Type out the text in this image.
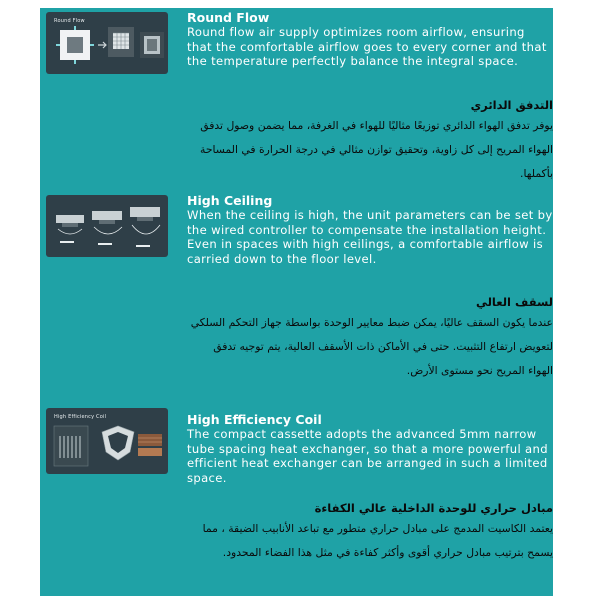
Round Flow	Round Flow

Round flow air supply optimizes room airflow, ensuring that the comfortable airflow goes to every corner and that the temperature perfectly balance the integral space.

التدفق الدائري

يوفر تدفق الهواء الدائري توزيعًا مثاليًا للهواء في الغرفة، مما يضمن وصول تدفق الهواء المريح إلى كل زاوية، وتحقيق توازن مثالي في درجة الحرارة في المساحة بأكملها.

High Ceiling

When the ceiling is high, the unit parameters can be set by the wired controller to compensate the installation height. Even in spaces with high ceilings, a comfortable airflow is carried down to the floor level.

لسقف العالي

عندما يكون السقف عاليًا، يمكن ضبط معايير الوحدة بواسطة جهاز التحكم السلكي لتعويض ارتفاع التثبيت. حتى في الأماكن ذات الأسقف العالية، يتم توجيه تدفق الهواء المريح نحو مستوى الأرض.

High Efficiency Coil	High Efficiency Coil

The compact cassette adopts the advanced 5mm narrow tube spacing heat exchanger, so that a more powerful and efficient heat exchanger can be arranged in such a limited space.

مبادل حراري للوحدة الداخلية عالي الكفاءة

يعتمد الكاسيت المدمج على مبادل حراري متطور مع تباعد الأنابيب الضيقة ، مما يسمح بترتيب مبادل حراري أقوى وأكثر كفاءة في مثل هذا الفضاء المحدود.
